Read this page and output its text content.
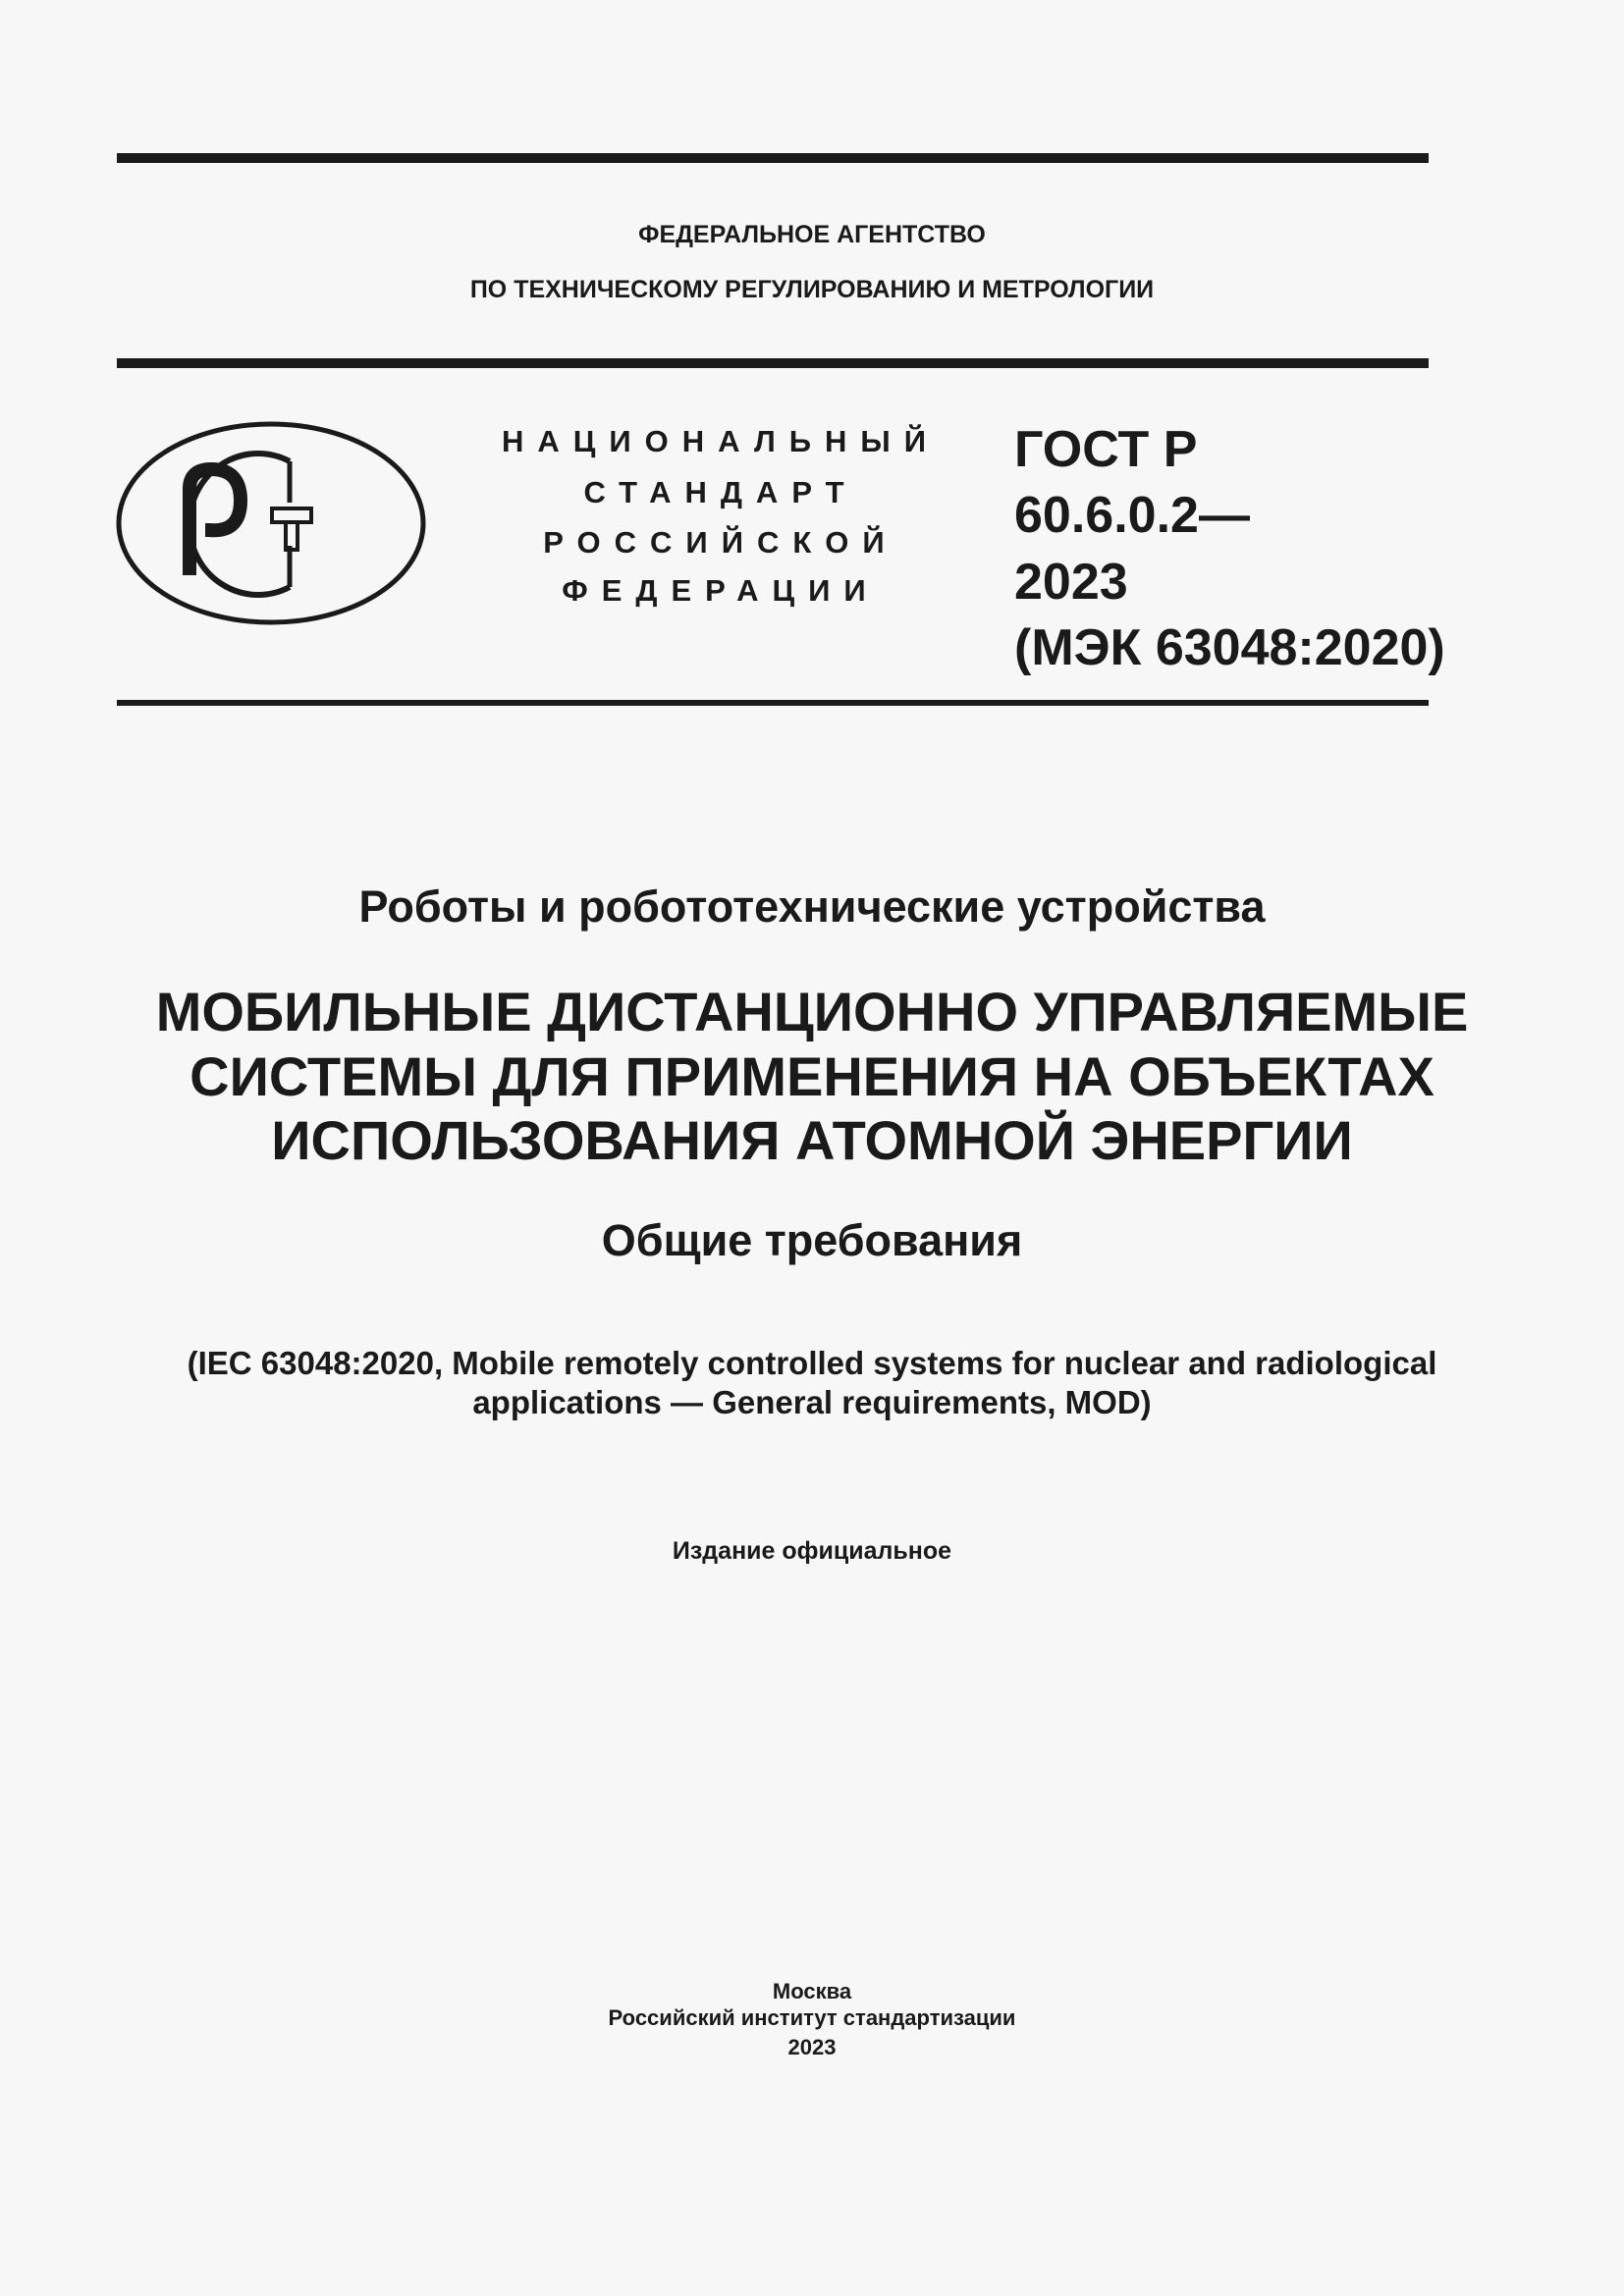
ФЕДЕРАЛЬНОЕ АГЕНТСТВО
ПО ТЕХНИЧЕСКОМУ РЕГУЛИРОВАНИЮ И МЕТРОЛОГИИ
НАЦИОНАЛЬНЫЙ
СТАНДАРТ
РОССИЙСКОЙ
ФЕДЕРАЦИИ
ГОСТ Р
60.6.0.2—
2023
(МЭК 63048:2020)
Роботы и робототехнические устройства
МОБИЛЬНЫЕ ДИСТАНЦИОННО УПРАВЛЯЕМЫЕ
СИСТЕМЫ ДЛЯ ПРИМЕНЕНИЯ НА ОБЪЕКТАХ
ИСПОЛЬЗОВАНИЯ АТОМНОЙ ЭНЕРГИИ
Общие требования
(IEC 63048:2020, Mobile remotely controlled systems for nuclear and radiological
applications — General requirements, MOD)
Издание официальное
Москва
Российский институт стандартизации
2023
